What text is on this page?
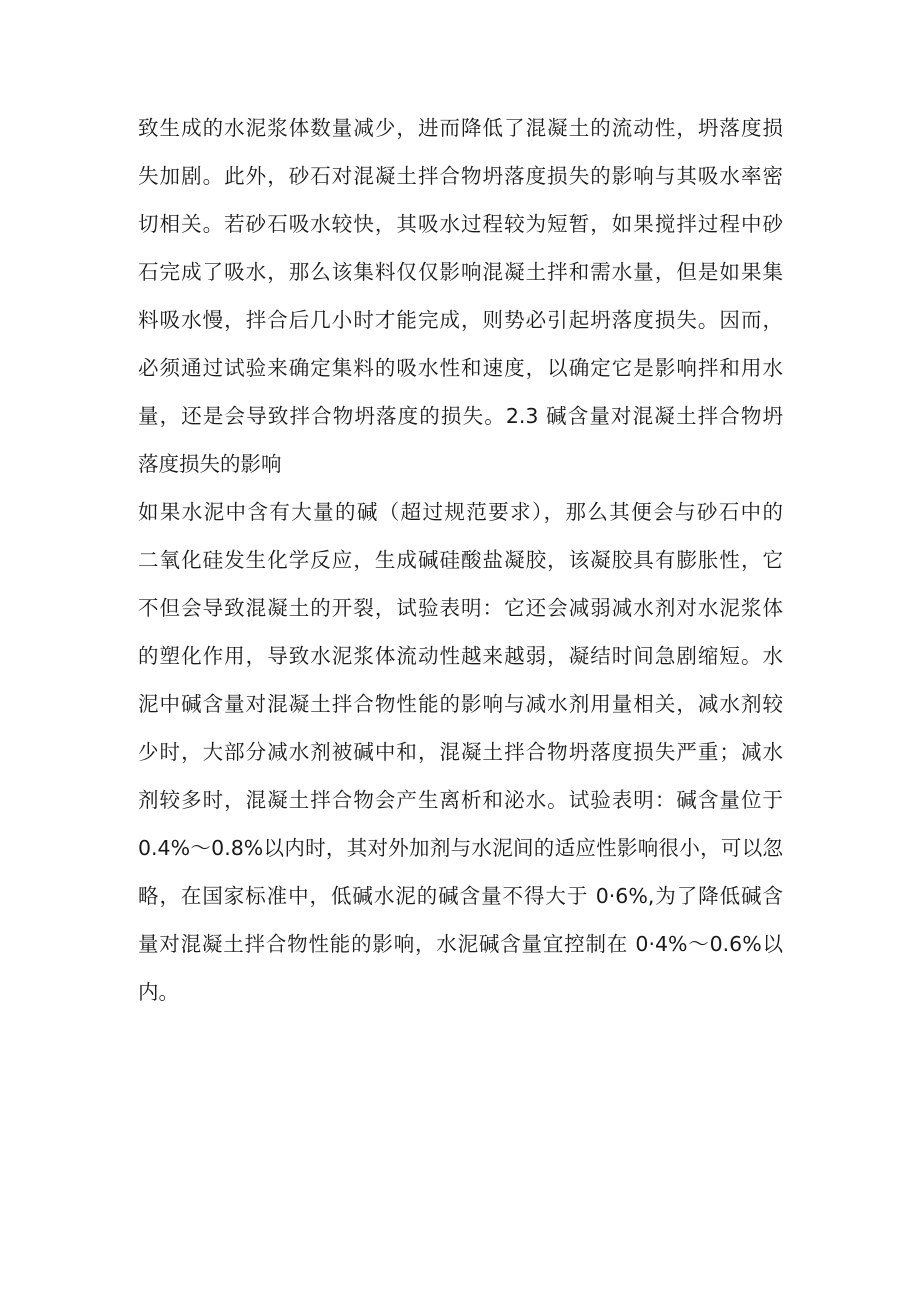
致生成的水泥浆体数量减少，进而降低了混凝土的流动性，坍落度损
失加剧。此外，砂石对混凝土拌合物坍落度损失的影响与其吸水率密
切相关。若砂石吸水较快，其吸水过程较为短暂，如果搅拌过程中砂
石完成了吸水，那么该集料仅仅影响混凝土拌和需水量，但是如果集
料吸水慢，拌合后几小时才能完成，则势必引起坍落度损失。因而，
必须通过试验来确定集料的吸水性和速度，以确定它是影响拌和用水
量，还是会导致拌合物坍落度的损失。2.3 碱含量对混凝土拌合物坍
落度损失的影响
如果水泥中含有大量的碱（超过规范要求），那么其便会与砂石中的
二氧化硅发生化学反应，生成碱硅酸盐凝胶，该凝胶具有膨胀性，它
不但会导致混凝土的开裂，试验表明：它还会减弱减水剂对水泥浆体
的塑化作用，导致水泥浆体流动性越来越弱，凝结时间急剧缩短。水
泥中碱含量对混凝土拌合物性能的影响与减水剂用量相关，减水剂较
少时，大部分减水剂被碱中和，混凝土拌合物坍落度损失严重；减水
剂较多时，混凝土拌合物会产生离析和泌水。试验表明：碱含量位于
0.4%～0.8%以内时，其对外加剂与水泥间的适应性影响很小，可以忽
略，在国家标准中，低碱水泥的碱含量不得大于 0·6%,为了降低碱含
量对混凝土拌合物性能的影响，水泥碱含量宜控制在 0·4%～0.6%以
内。
